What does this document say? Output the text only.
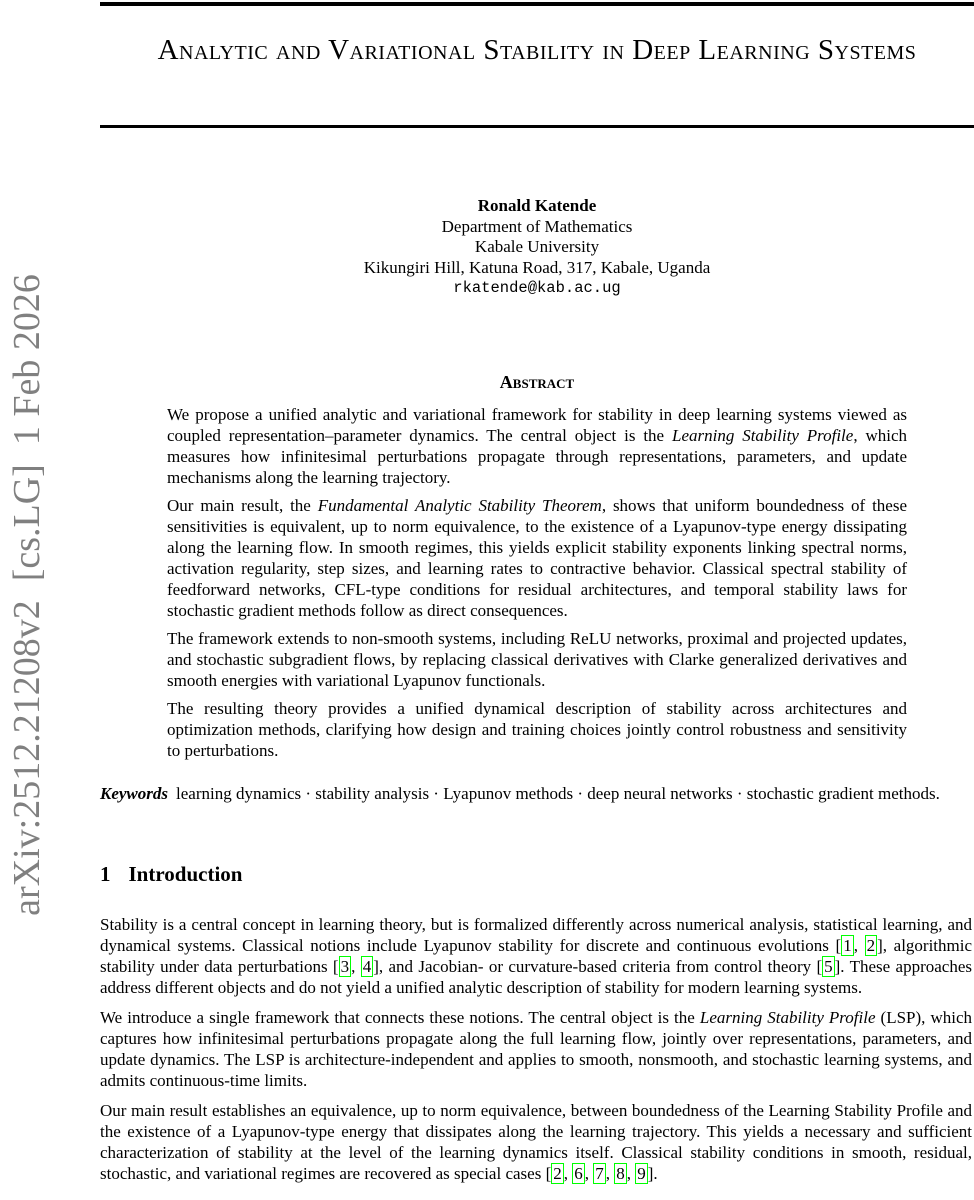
arXiv:2512.21208v2  [cs.LG]  1 Feb 2026
Analytic and Variational Stability in Deep Learning Systems
Ronald Katende
Department of Mathematics
Kabale University
Kikungiri Hill, Katuna Road, 317, Kabale, Uganda
rkatende@kab.ac.ug
Abstract

We propose a unified analytic and variational framework for stability in deep learning systems viewed as coupled representation–parameter dynamics. The central object is the Learning Stability Profile, which measures how infinitesimal perturbations propagate through representations, parameters, and update mechanisms along the learning trajectory.

Our main result, the Fundamental Analytic Stability Theorem, shows that uniform boundedness of these sensitivities is equivalent, up to norm equivalence, to the existence of a Lyapunov-type energy dissipating along the learning flow. In smooth regimes, this yields explicit stability exponents linking spectral norms, activation regularity, step sizes, and learning rates to contractive behavior. Classical spectral stability of feedforward networks, CFL-type conditions for residual architectures, and temporal stability laws for stochastic gradient methods follow as direct consequences.

The framework extends to non-smooth systems, including ReLU networks, proximal and projected updates, and stochastic subgradient flows, by replacing classical derivatives with Clarke generalized derivatives and smooth energies with variational Lyapunov functionals.

The resulting theory provides a unified dynamical description of stability across architectures and optimization methods, clarifying how design and training choices jointly control robustness and sensitivity to perturbations.

Keywords learning dynamics · stability analysis · Lyapunov methods · deep neural networks · stochastic gradient methods.
1 Introduction

Stability is a central concept in learning theory, but is formalized differently across numerical analysis, statistical learning, and dynamical systems. Classical notions include Lyapunov stability for discrete and continuous evolutions [ 1 , 2 ], algorithmic stability under data perturbations [ 3 , 4 ], and Jacobian- or curvature-based criteria from control theory [ 5 ]. These approaches address different objects and do not yield a unified analytic description of stability for modern learning systems.

We introduce a single framework that connects these notions. The central object is the Learning Stability Profile (LSP), which captures how infinitesimal perturbations propagate along the full learning flow, jointly over representations, parameters, and update dynamics. The LSP is architecture-independent and applies to smooth, nonsmooth, and stochastic learning systems, and admits continuous-time limits.

Our main result establishes an equivalence, up to norm equivalence, between boundedness of the Learning Stability Profile and the existence of a Lyapunov-type energy that dissipates along the learning trajectory. This yields a necessary and sufficient characterization of stability at the level of the learning dynamics itself. Classical stability conditions in smooth, residual, stochastic, and variational regimes are recovered as special cases [ 2 , 6 , 7 , 8 , 9 ].
